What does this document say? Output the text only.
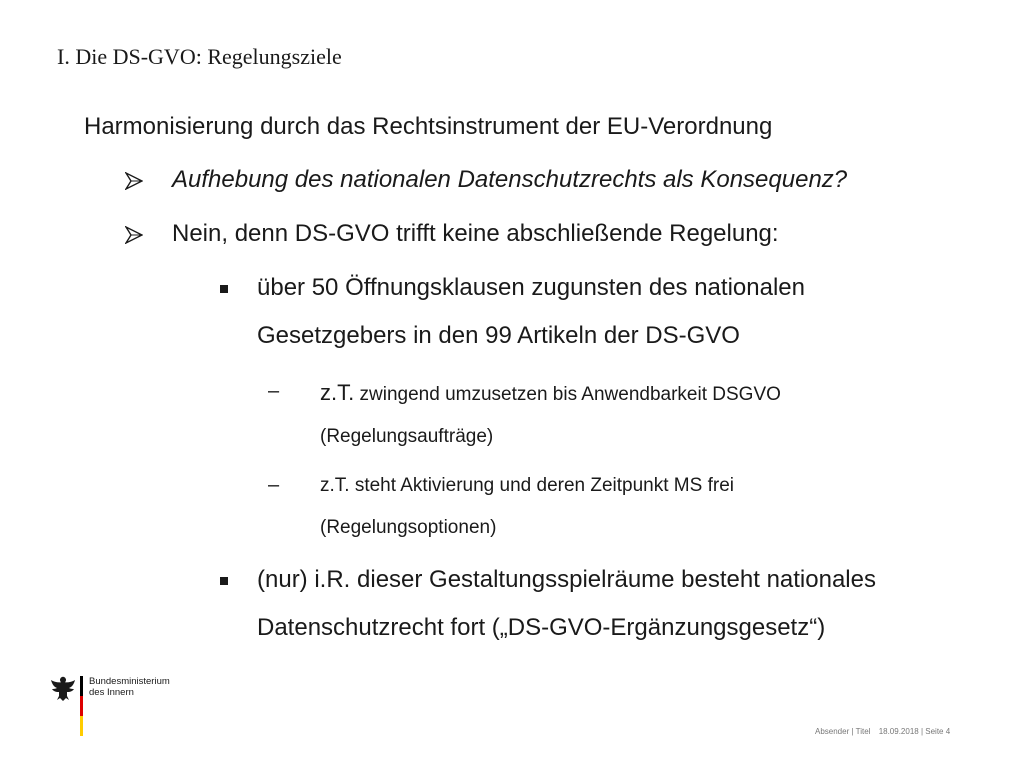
I. Die DS-GVO: Regelungsziele
Harmonisierung durch das Rechtsinstrument der EU-Verordnung
Aufhebung des nationalen Datenschutzrechts als Konsequenz?
Nein, denn DS-GVO trifft keine abschließende Regelung:
über 50 Öffnungsklausen zugunsten des nationalen
Gesetzgebers in den 99 Artikeln der DS-GVO
– z.T. zwingend umzusetzen bis Anwendbarkeit DSGVO
(Regelungsaufträge)
– z.T. steht Aktivierung und deren Zeitpunkt MS frei
(Regelungsoptionen)
(nur) i.R. dieser Gestaltungsspielräume besteht nationales
Datenschutzrecht fort („DS-GVO-Ergänzungsgesetz“)
Bundesministerium
des Innern
Absender | Titel 18.09.2018 | Seite 4
